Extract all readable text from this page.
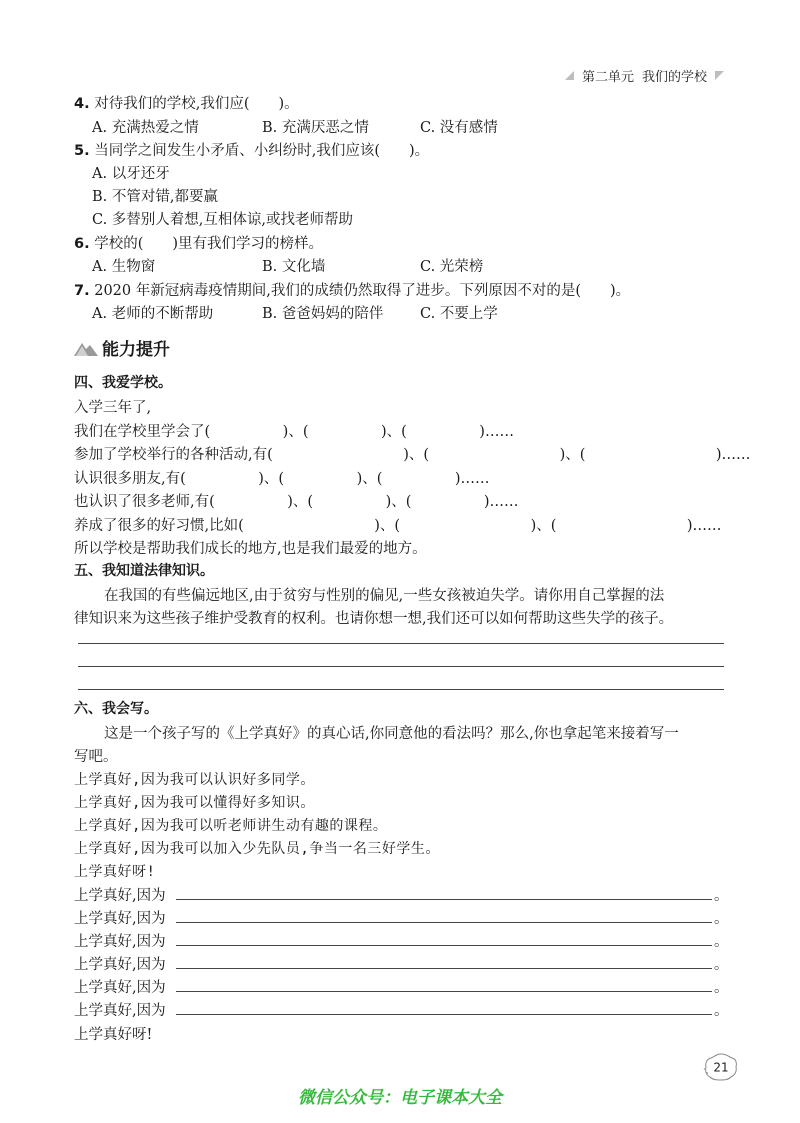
第二单元 我们的学校
4. 对待我们的学校,我们应(　　)。
A. 充满热爱之情	B. 充满厌恶之情	C. 没有感情
5. 当同学之间发生小矛盾、小纠纷时,我们应该(　　)。
A. 以牙还牙
B. 不管对错,都要赢
C. 多替别人着想,互相体谅,或找老师帮助
6. 学校的(　　)里有我们学习的榜样。
A. 生物窗	B. 文化墙	C. 光荣榜
7. 2020 年新冠病毒疫情期间,我们的成绩仍然取得了进步。下列原因不对的是(　　)。
A. 老师的不断帮助	B. 爸爸妈妈的陪伴	C. 不要上学
能力提升
四、我爱学校。
入学三年了,
我们在学校里学会了(　　　　　)、(　　　　　)、(　　　　　)……
参加了学校举行的各种活动,有(　　　　　　　　　)、(　　　　　　　　　)、(　　　　　　　　　)……
认识很多朋友,有(　　　　　)、(　　　　　)、(　　　　　)……
也认识了很多老师,有(　　　　　)、(　　　　　)、(　　　　　)……
养成了很多的好习惯,比如(　　　　　　　　　)、(　　　　　　　　　)、(　　　　　　　　　)……
所以学校是帮助我们成长的地方,也是我们最爱的地方。
五、我知道法律知识。
在我国的有些偏远地区,由于贫穷与性别的偏见,一些女孩被迫失学。请你用自己掌握的法
律知识来为这些孩子维护受教育的权利。也请你想一想,我们还可以如何帮助这些失学的孩子。
六、我会写。
这是一个孩子写的《上学真好》的真心话,你同意他的看法吗？那么,你也拿起笔来接着写一
写吧。
上学真好,因为我可以认识好多同学。
上学真好,因为我可以懂得好多知识。
上学真好,因为我可以听老师讲生动有趣的课程。
上学真好,因为我可以加入少先队员,争当一名三好学生。
上学真好呀!
上学真好,因为	。
上学真好,因为	。
上学真好,因为	。
上学真好,因为	。
上学真好,因为	。
上学真好,因为	。
上学真好呀!
21
微信公众号：电子课本大全
